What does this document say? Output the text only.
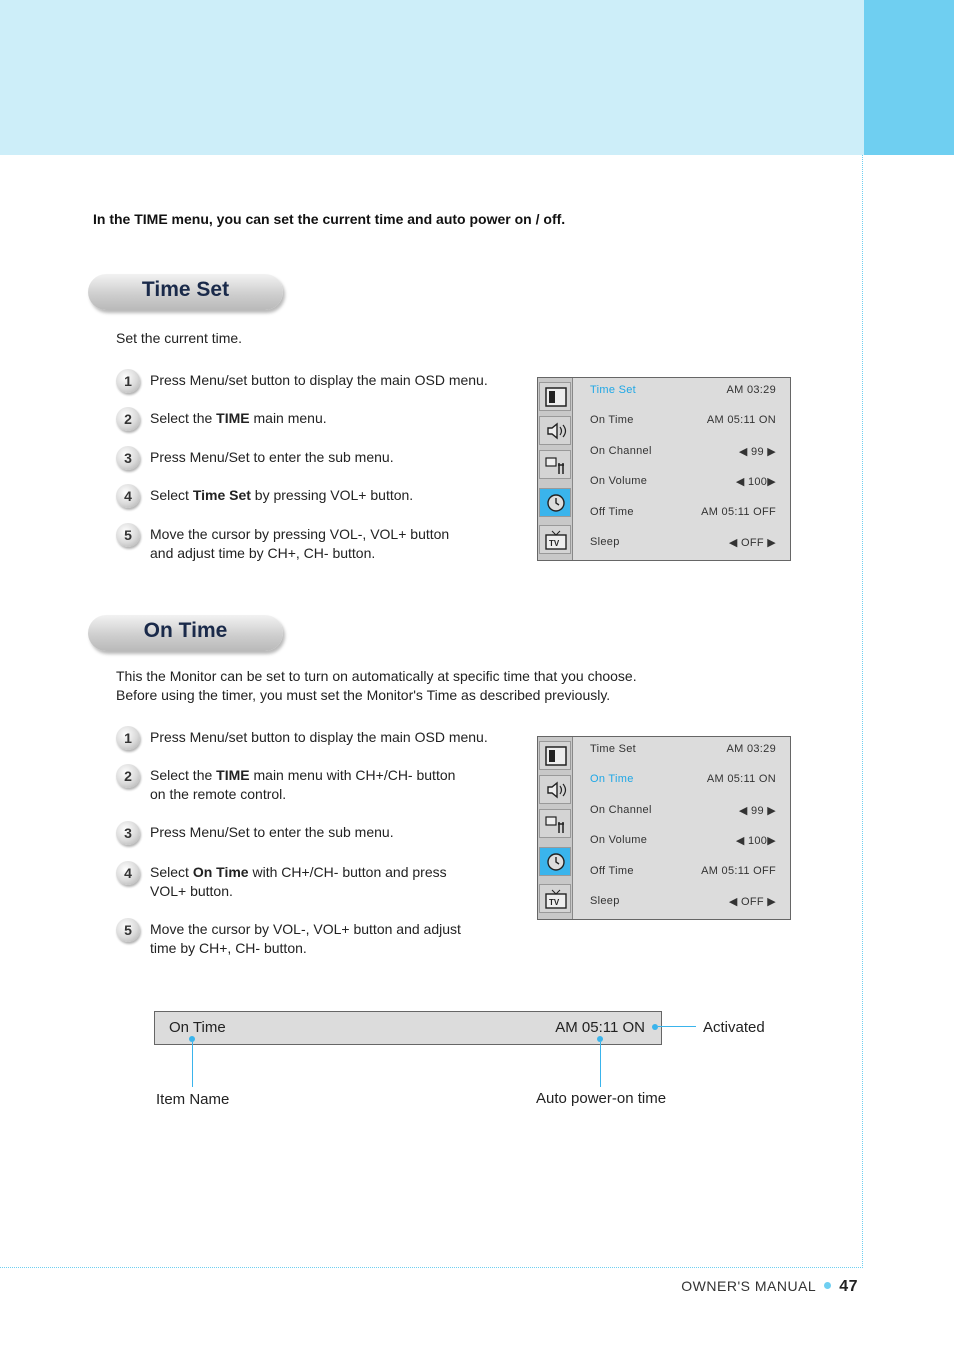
In the TIME menu, you can set the current time and auto power on / off.
Time Set
Set the current time.
1	Press Menu/set button to display the main OSD menu.
2	Select the TIME main menu.
3	Press Menu/Set to enter the sub menu.
4	Select Time Set by pressing VOL+ button.
5	Move the cursor by pressing VOL-, VOL+ button
and adjust time by CH+, CH- button.
TV
Time Set	AM 03:29
On Time	AM 05:11 ON
On Channel	◀ 99 ▶
On Volume	◀ 100▶
Off Time	AM 05:11 OFF
Sleep	◀ OFF ▶
On Time
This the Monitor can be set to turn on automatically at specific time that you choose.
Before using the timer, you must set the Monitor's Time as described previously.
1	Press Menu/set button to display the main OSD menu.
2	Select the TIME main menu with CH+/CH- button
on the remote control.
3	Press Menu/Set to enter the sub menu.
4	Select On Time with CH+/CH- button and press
VOL+ button.
5	Move the cursor by VOL-, VOL+ button and adjust
time by CH+, CH- button.
TV
Time Set	AM 03:29
On Time	AM 05:11 ON
On Channel	◀ 99 ▶
On Volume	◀ 100▶
Off Time	AM 05:11 OFF
Sleep	◀ OFF ▶
On Time	AM 05:11 ON	Activated
Item Name	Auto power-on time
OWNER'S MANUAL 47
